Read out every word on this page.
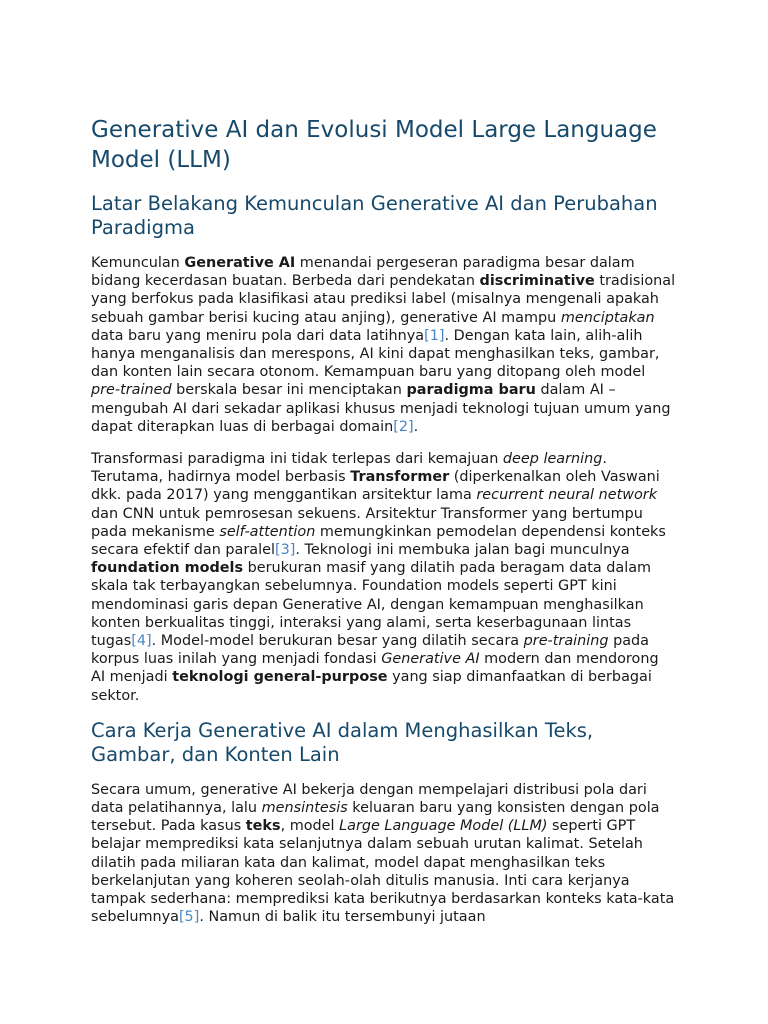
Generative AI dan Evolusi Model Large Language Model (LLM)
Latar Belakang Kemunculan Generative AI dan Perubahan Paradigma

Kemunculan Generative AI menandai pergeseran paradigma besar dalam bidang kecerdasan buatan. Berbeda dari pendekatan discriminative tradisional yang berfokus pada klasifikasi atau prediksi label (misalnya mengenali apakah sebuah gambar berisi kucing atau anjing), generative AI mampu menciptakan data baru yang meniru pola dari data latihnya[1]. Dengan kata lain, alih-alih hanya menganalisis dan merespons, AI kini dapat menghasilkan teks, gambar, dan konten lain secara otonom. Kemampuan baru yang ditopang oleh model pre-trained berskala besar ini menciptakan paradigma baru dalam AI – mengubah AI dari sekadar aplikasi khusus menjadi teknologi tujuan umum yang dapat diterapkan luas di berbagai domain[2].

Transformasi paradigma ini tidak terlepas dari kemajuan deep learning. Terutama, hadirnya model berbasis Transformer (diperkenalkan oleh Vaswani dkk. pada 2017) yang menggantikan arsitektur lama recurrent neural network dan CNN untuk pemrosesan sekuens. Arsitektur Transformer yang bertumpu pada mekanisme self-attention memungkinkan pemodelan dependensi konteks secara efektif dan paralel[3]. Teknologi ini membuka jalan bagi munculnya foundation models berukuran masif yang dilatih pada beragam data dalam skala tak terbayangkan sebelumnya. Foundation models seperti GPT kini mendominasi garis depan Generative AI, dengan kemampuan menghasilkan konten berkualitas tinggi, interaksi yang alami, serta keserbagunaan lintas tugas[4]. Model-model berukuran besar yang dilatih secara pre-training pada korpus luas inilah yang menjadi fondasi Generative AI modern dan mendorong AI menjadi teknologi general-purpose yang siap dimanfaatkan di berbagai sektor.

Cara Kerja Generative AI dalam Menghasilkan Teks, Gambar, dan Konten Lain

Secara umum, generative AI bekerja dengan mempelajari distribusi pola dari data pelatihannya, lalu mensintesis keluaran baru yang konsisten dengan pola tersebut. Pada kasus teks, model Large Language Model (LLM) seperti GPT belajar memprediksi kata selanjutnya dalam sebuah urutan kalimat. Setelah dilatih pada miliaran kata dan kalimat, model dapat menghasilkan teks berkelanjutan yang koheren seolah-olah ditulis manusia. Inti cara kerjanya tampak sederhana: memprediksi kata berikutnya berdasarkan konteks kata-kata sebelumnya[5]. Namun di balik itu tersembunyi jutaan
